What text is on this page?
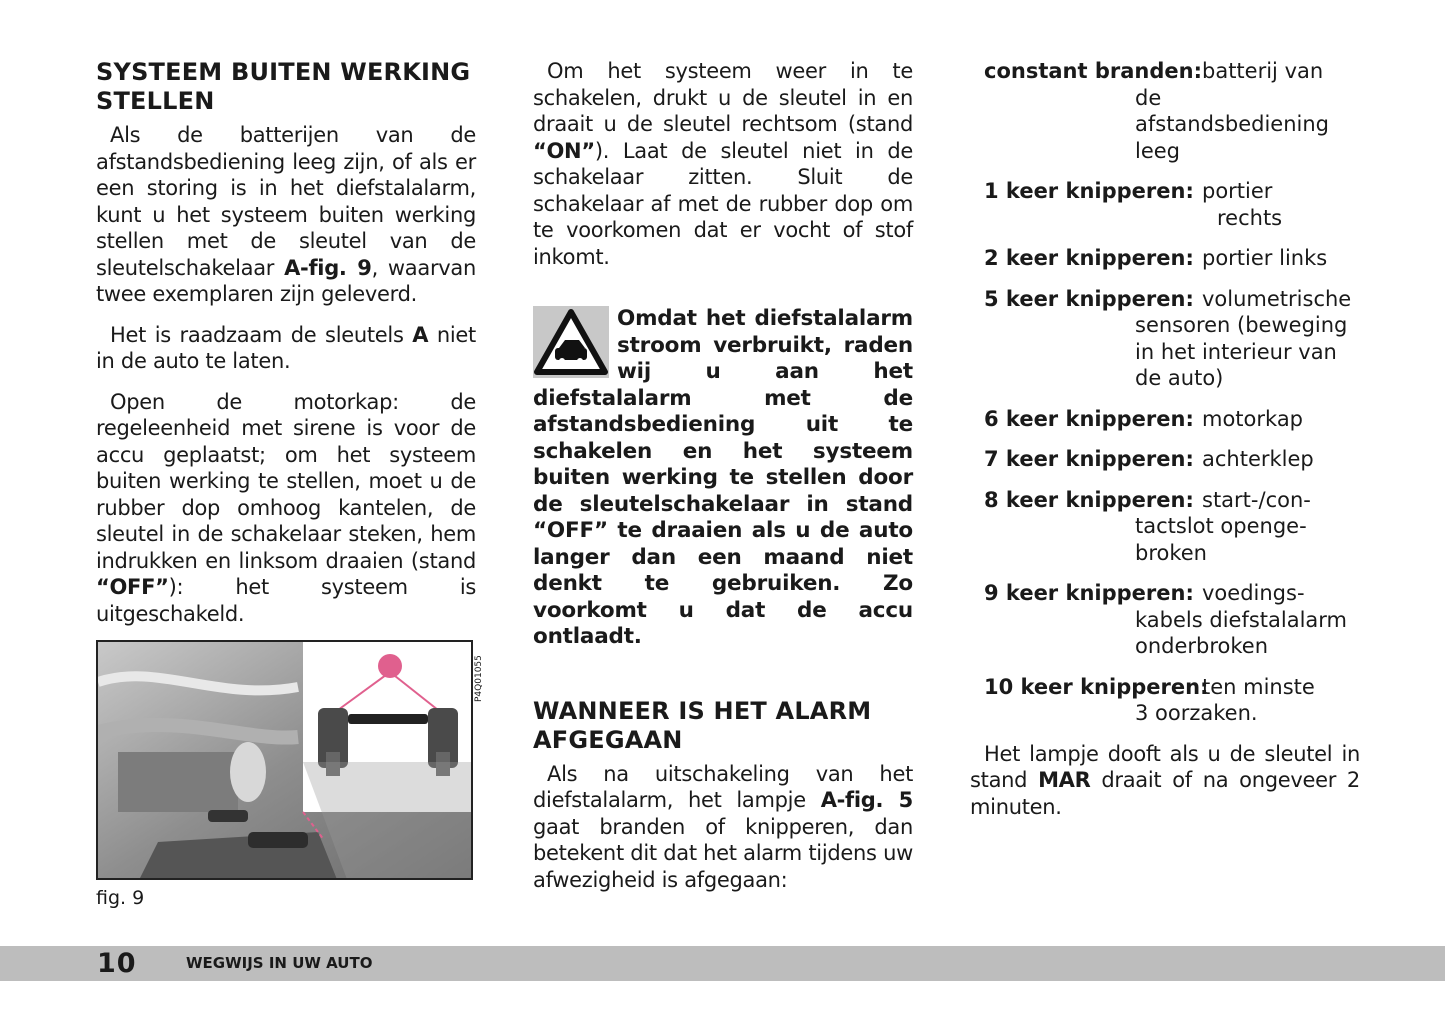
SYSTEEM BUITEN WERKING STELLEN

Als de batterijen van de afstandsbediening leeg zijn, of als er een storing is in het diefstalalarm, kunt u het systeem buiten werking stellen met de sleutel van de sleutelschakelaar A-fig. 9, waarvan twee exemplaren zijn geleverd.

Het is raadzaam de sleutels A niet in de auto te laten.

Open de motorkap: de regeleenheid met sirene is voor de accu geplaatst; om het systeem buiten werking te stellen, moet u de rubber dop omhoog kantelen, de sleutel in de schakelaar steken, hem indrukken en linksom draaien (stand “OFF”): het systeem is uitgeschakeld.

P4Q01055
fig. 9

Om het systeem weer in te schakelen, drukt u de sleutel in en draait u de sleutel rechtsom (stand “ON”). Laat de sleutel niet in de schakelaar zitten. Sluit de schakelaar af met de rubber dop om te voorkomen dat er vocht of stof inkomt.

Omdat het diefstalalarm stroom verbruikt, raden wij u aan het diefstalalarm met de afstandsbediening uit te schakelen en het systeem buiten werking te stellen door de sleutelschakelaar in stand “OFF” te draaien als u de auto langer dan een maand niet denkt te gebruiken. Zo voorkomt u dat de accu ontlaadt.
WANNEER IS HET ALARM AFGEGAAN

Als na uitschakeling van het diefstalalarm, het lampje A-fig. 5 gaat branden of knipperen, dan betekent dit dat het alarm tijdens uw afwezigheid is afgegaan:

constant branden: batterij van
de afstandsbediening
leeg
1 keer knipperen: portier
rechts
2 keer knipperen: portier links
5 keer knipperen: volumetrische
sensoren (beweging
in het interieur van
de auto)
6 keer knipperen: motorkap
7 keer knipperen: achterklep
8 keer knipperen: start-/con-
tactslot openge-
broken
9 keer knipperen: voedings-
kabels diefstalalarm
onderbroken
10 keer knipperen:
ten minste
3 oorzaken.

Het lampje dooft als u de sleutel in stand MAR draait of na ongeveer 2 minuten.

10	WEGWIJS IN UW AUTO
